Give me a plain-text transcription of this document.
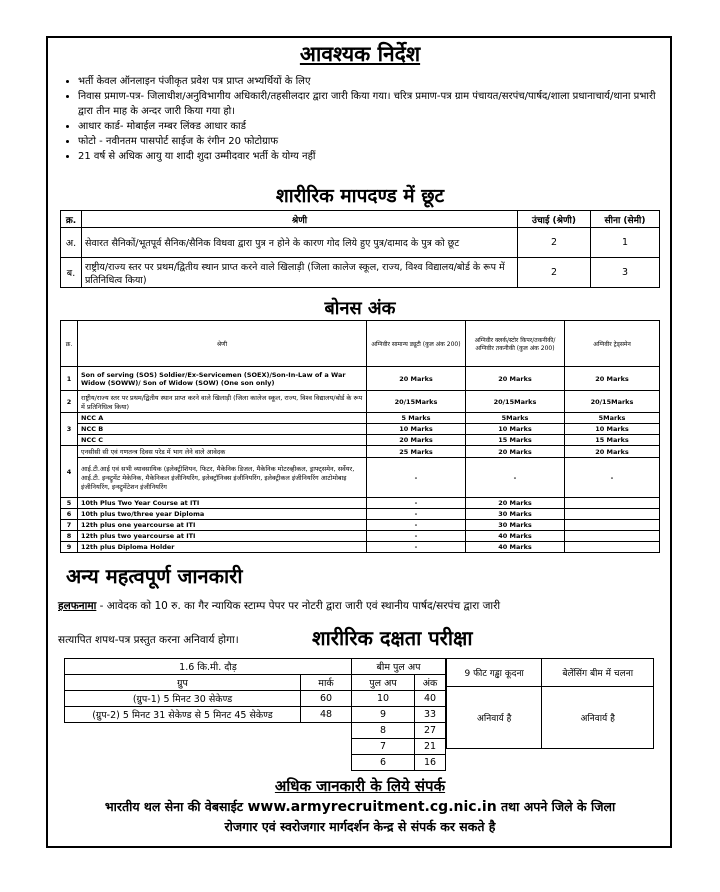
आवश्यक निर्देश
• भर्ती केवल ऑनलाइन पंजीकृत प्रवेश पत्र प्राप्त अभ्यर्थियों के लिए
• निवास प्रमाण-पत्र- जिलाधीश/अनुविभागीय अधिकारी/तहसीलदार द्वारा जारी किया गया। चरित्र प्रमाण-पत्र ग्राम पंचायत/सरपंच/पार्षद/शाला प्रधानाचार्य/थाना प्रभारी द्वारा तीन माह के अन्दर जारी किया गया हो।
• आधार कार्ड- मोबाईल नम्बर लिंक्ड आधार कार्ड
• फोटो - नवीनतम पासपोर्ट साईज के रंगीन 20 फोटोग्राफ
• 21 वर्ष से अधिक आयु या शादी शुदा उम्मीदवार भर्ती के योग्य नहीं
शारीरिक मापदण्ड में छूट
क्र.	श्रेणी	उंचाई (श्रेणी)	सीना (सेमी)
अ.	सेवारत सैनिकों/भूतपूर्व सैनिक/सैनिक विधवा द्वारा पुत्र न होने के कारण गोद लिये हुए पुत्र/दामाद के पुत्र को छूट	2	1
ब.	राष्ट्रीय/राज्य स्तर पर प्रथम/द्वितीय स्थान प्राप्त करने वाले खिलाड़ी (जिला कालेज स्कूल, राज्य, विश्व विद्यालय/बोर्ड के रूप में प्रतिनिधित्व किया)	2	3
बोनस अंक
क्र.	श्रेणी	अग्निवीर सामान्य ड्यूटी (कुल अंक 200)	अग्निवीर क्लर्क/स्टोर किपर/तकनीकी/अग्निवीर तकनीकी (कुल अंक 200)	अग्निवीर ट्रेड्समेन
1	Son of serving (SOS) Soldier/Ex-Servicemen (SOEX)/Son-In-Law of a War Widow (SOWW)/ Son of Widow (SOW) (One son only)	20 Marks	20 Marks	20 Marks
2	राष्ट्रीय/राज्य स्तर पर प्रथम/द्वितीय स्थान प्राप्त करने वाले खिलाड़ी (जिला कालेज स्कूल, राज्य, विश्व विद्यालय/बोर्ड के रूप में प्रतिनिधित्व किया)	20/15Marks	20/15Marks	20/15Marks
3	NCC A	5 Marks	5Marks	5Marks
	NCC B	10 Marks	10 Marks	10 Marks
	NCC C	20 Marks	15 Marks	15 Marks
4	एनसीसी सी एवं गणतन्त्र दिवस परेड में भाग लेने वाले आवेदक	25 Marks	20 Marks	20 Marks
	आई.टी.आई एवं सभी व्यावसायिक (इलेक्ट्रीशियन, फिटर, मैकेनिक डिजल, मैकेनिक मोटरव्हीकल, ड्राफ्ट्समेन, सर्वेयर, आई.टी. इन्स्ट्रुमेंट मेकेनिक, मैकेनिकल इंजीनियरिंग, इलेक्ट्रॉनिक्स इंजीनियरिंग, इलेक्ट्रीकल इंजीनियरिंग आटोमोबाइ इंजीनियरिंग, इन्स्ट्रुमेंटेशन इंजीनियरिंग	-	-	-
5	10th Plus Two Year Course at ITI	-	20 Marks	
6	10th plus two/three year Diploma	-	30 Marks	
7	12th plus one yearcourse at ITI	-	30 Marks	
8	12th plus two yearcourse at ITI	-	40 Marks	
9	12th plus Diploma Holder	-	40 Marks	
अन्य महत्वपूर्ण जानकारी
हलफनामा - आवेदक को 10 रु. का गैर न्यायिक स्टाम्प पेपर पर नोटरी द्वारा जारी एवं स्थानीय पार्षद/सरपंच द्वारा जारी
सत्यापित शपथ-पत्र प्रस्तुत करना अनिवार्य होगा।	शारीरिक दक्षता परीक्षा
1.6 कि.मी. दौड़		बीम पुल अप	
ग्रुप	मार्क	पुल अप	अंक
(ग्रुप-1) 5 मिनट 30 सेकेण्ड	60	10	40
(ग्रुप-2) 5 मिनट 31 सेकेण्ड से 5 मिनट 45 सेकेण्ड	48	9	33
		8	27
		7	21
		6	16
9 फीट गड्ढा कूदना	बेलेंसिंग बीम में चलना
अनिवार्य है	अनिवार्य है
अधिक जानकारी के लिये संपर्क
भारतीय थल सेना की वेबसाईट www.armyrecruitment.cg.nic.in तथा अपने जिले के जिला
रोजगार एवं स्वरोजगार मार्गदर्शन केन्द्र से संपर्क कर सकते है
